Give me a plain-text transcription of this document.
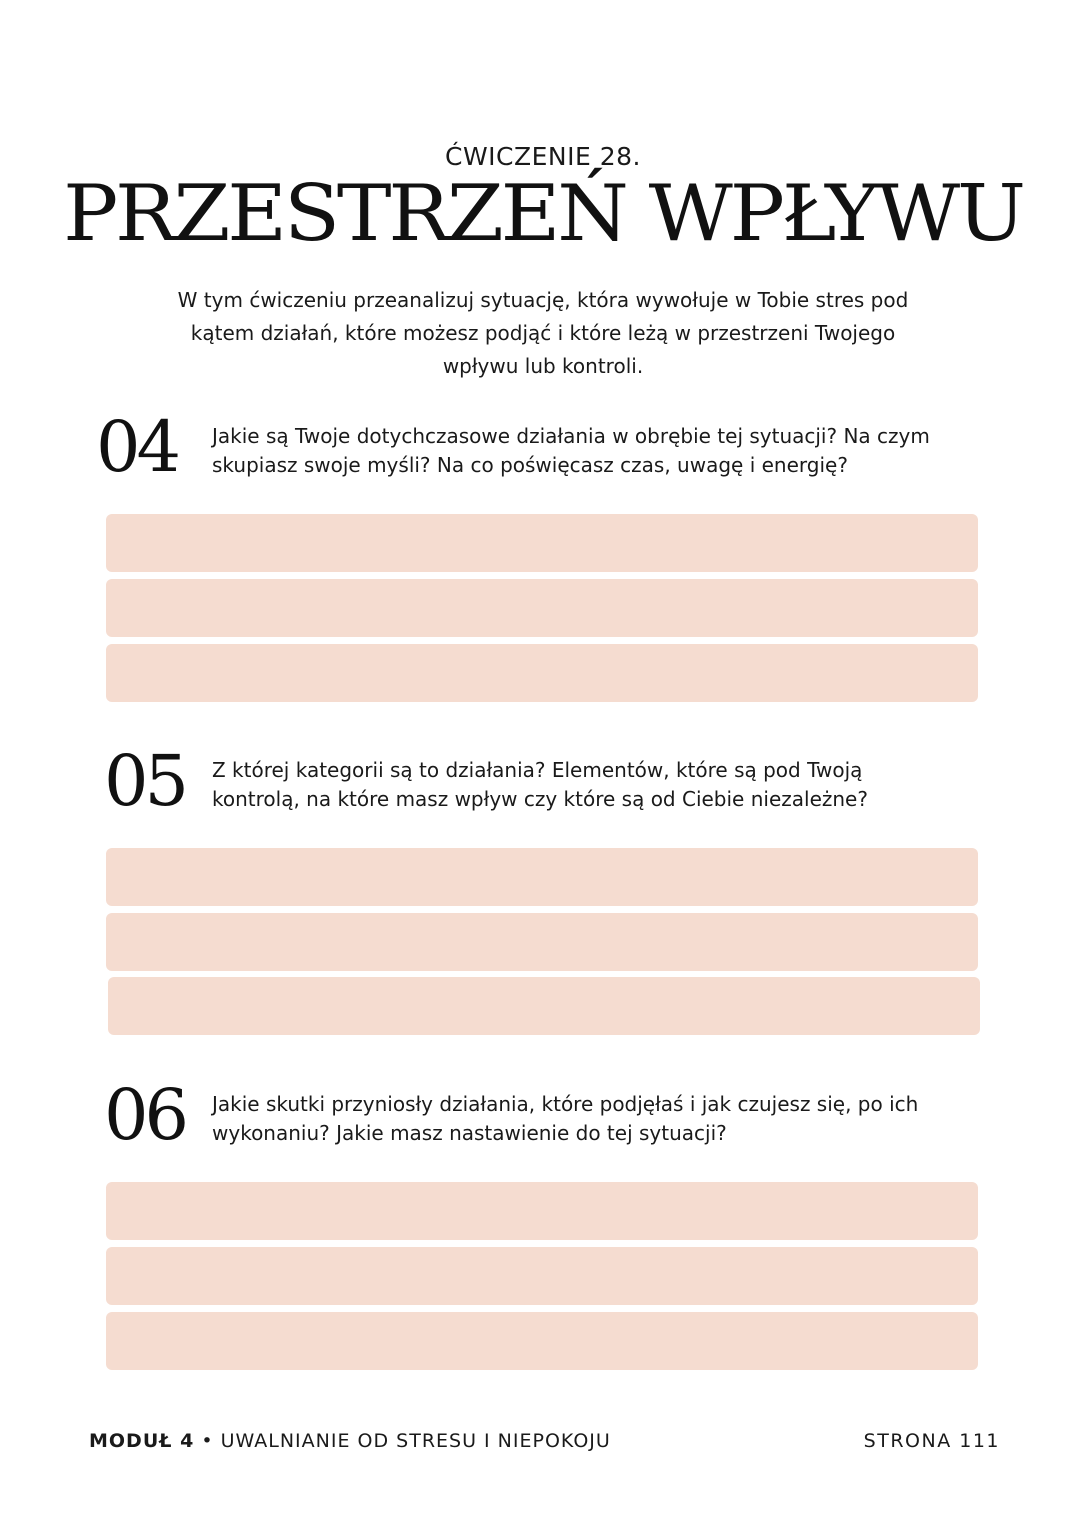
ĆWICZENIE 28.
PRZESTRZEŃ WPŁYWU
W tym ćwiczeniu przeanalizuj sytuację, która wywołuje w Tobie stres pod kątem działań, które możesz podjąć i które leżą w przestrzeni Twojego wpływu lub kontroli.
04 Jakie są Twoje dotychczasowe działania w obrębie tej sytuacji? Na czym skupiasz swoje myśli? Na co poświęcasz czas, uwagę i energię?
05 Z której kategorii są to działania? Elementów, które są pod Twoją kontrolą, na które masz wpływ czy które są od Ciebie niezależne?
06 Jakie skutki przyniosły działania, które podjęłaś i jak czujesz się, po ich wykonaniu? Jakie masz nastawienie do tej sytuacji?
MODUŁ 4 • UWALNIANIE OD STRESU I NIEPOKOJU	STRONA 111
